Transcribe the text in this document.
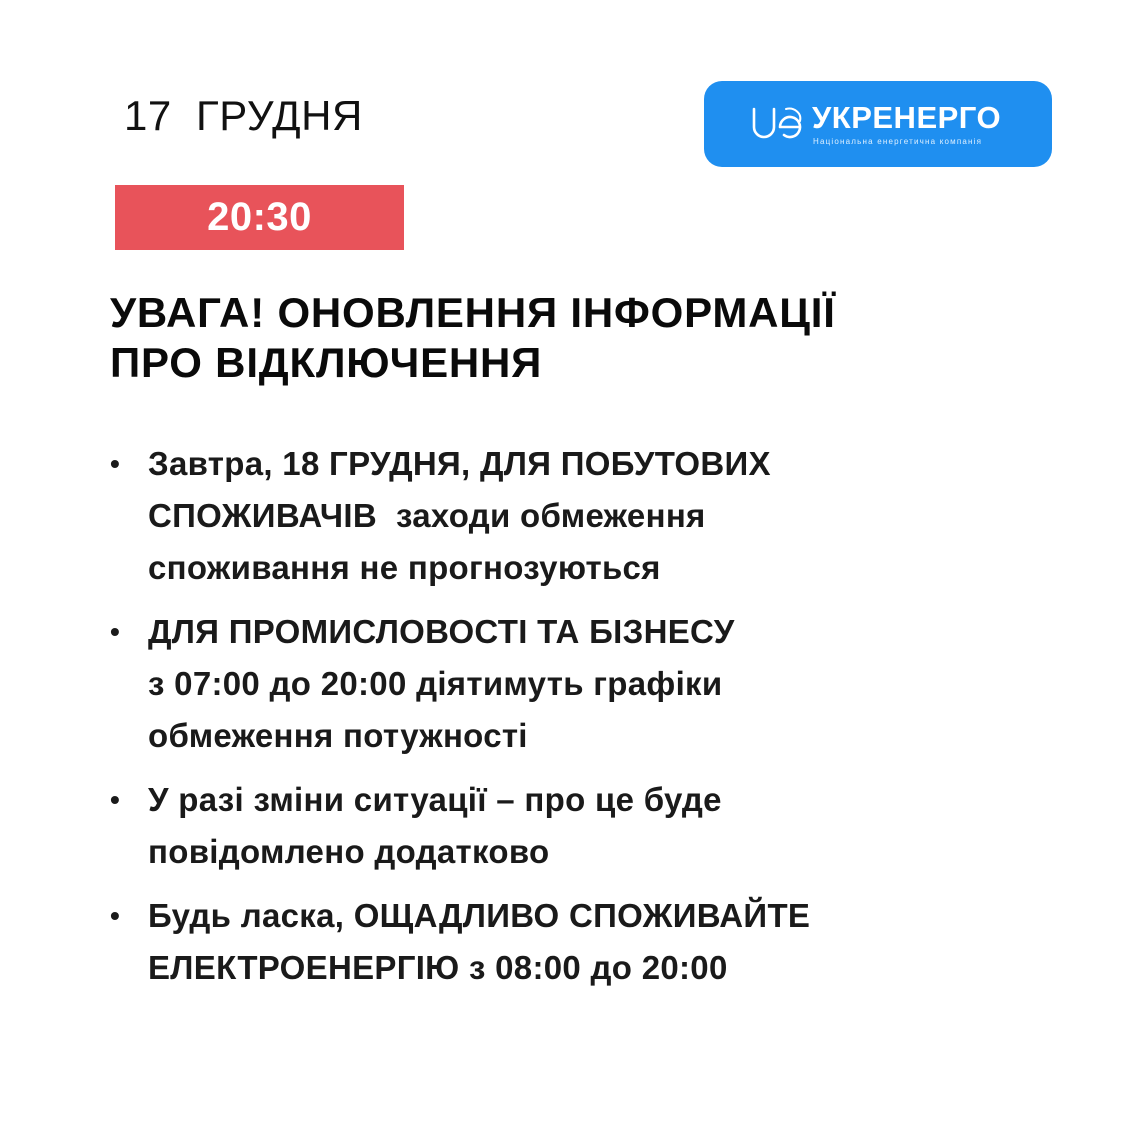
17  ГРУДНЯ	УКРЕНЕРГО
Національна енергетична компанія
20:30
УВАГА! ОНОВЛЕННЯ ІНФОРМАЦІЇ
ПРО ВІДКЛЮЧЕННЯ
• Завтра, 18 ГРУДНЯ, ДЛЯ ПОБУТОВИХ
СПОЖИВАЧІВ  заходи обмеження
споживання не прогнозуються
• ДЛЯ ПРОМИСЛОВОСТІ ТА БІЗНЕСУ
з 07:00 до 20:00 діятимуть графіки
обмеження потужності
• У разі зміни ситуації – про це буде
повідомлено додатково
• Будь ласка, ОЩАДЛИВО СПОЖИВАЙТЕ
ЕЛЕКТРОЕНЕРГІЮ з 08:00 до 20:00
